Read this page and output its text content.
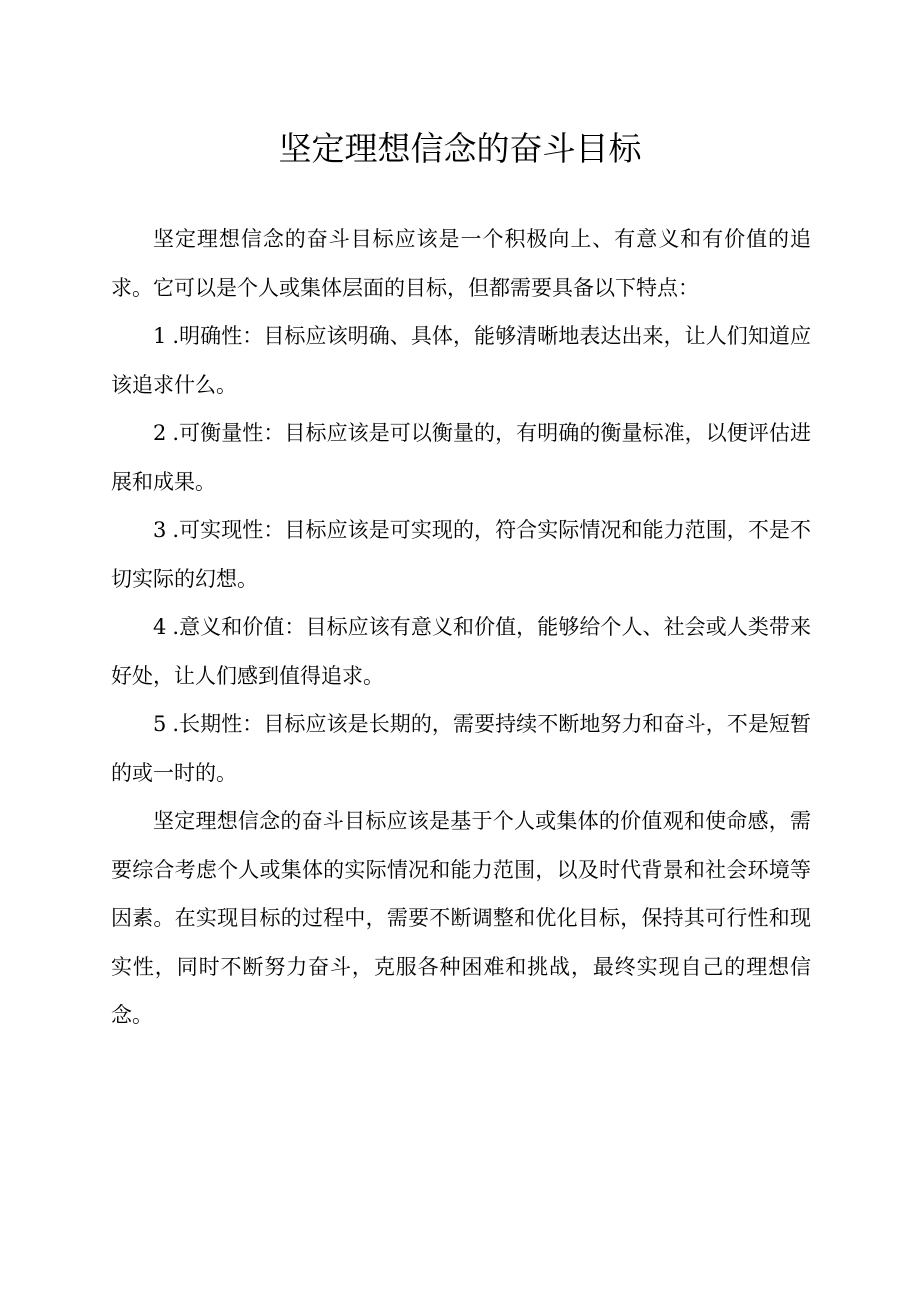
坚定理想信念的奋斗目标

坚定理想信念的奋斗目标应该是一个积极向上、有意义和有价值的追求。它可以是个人或集体层面的目标，但都需要具备以下特点：

1 .明确性：目标应该明确、具体，能够清晰地表达出来，让人们知道应该追求什么。

2 .可衡量性：目标应该是可以衡量的，有明确的衡量标准，以便评估进展和成果。

3 .可实现性：目标应该是可实现的，符合实际情况和能力范围，不是不切实际的幻想。

4 .意义和价值：目标应该有意义和价值，能够给个人、社会或人类带来好处，让人们感到值得追求。

5 .长期性：目标应该是长期的，需要持续不断地努力和奋斗，不是短暂的或一时的。

坚定理想信念的奋斗目标应该是基于个人或集体的价值观和使命感，需要综合考虑个人或集体的实际情况和能力范围，以及时代背景和社会环境等因素。在实现目标的过程中，需要不断调整和优化目标，保持其可行性和现实性，同时不断努力奋斗，克服各种困难和挑战，最终实现自己的理想信念。
